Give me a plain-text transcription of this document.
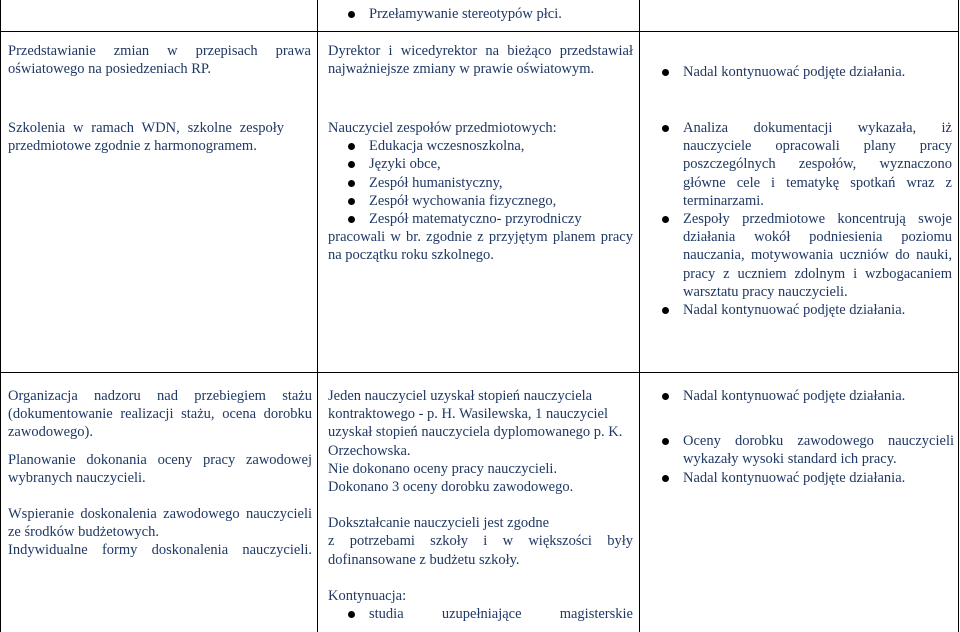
Przedstawianie zmian w przepisach prawa oświatowego na posiedzeniach RP.

Szkolenia w ramach WDN, szkolne zespoły przedmiotowe zgodnie z harmonogramem.

Organizacja nadzoru nad przebiegiem stażu (dokumentowanie realizacji stażu, ocena dorobku zawodowego).

Planowanie dokonania oceny pracy zawodowej wybranych nauczycieli.

Wspieranie doskonalenia zawodowego nauczycieli ze środków budżetowych.

Indywidualne formy doskonalenia nauczycieli.

Przełamywanie stereotypów płci.

Dyrektor i wicedyrektor na bieżąco przedstawiał najważniejsze zmiany w prawie oświatowym.

Nauczyciel zespołów przedmiotowych:

Edukacja wczesnoszkolna,
Języki obce,
Zespół humanistyczny,
Zespół wychowania fizycznego,
Zespół matematyczno- przyrodniczy

pracowali w br. zgodnie z przyjętym planem pracy na początku roku szkolnego.

Jeden nauczyciel uzyskał stopień nauczyciela kontraktowego - p. H. Wasilewska, 1 nauczyciel uzyskał stopień nauczyciela dyplomowanego p. K. Orzechowska.

Nie dokonano oceny pracy nauczycieli.

Dokonano 3 oceny dorobku zawodowego.

Dokształcanie nauczycieli jest zgodne

z potrzebami szkoły i w większości były dofinansowane z budżetu szkoły.

Kontynuacja:

studia uzupełniające magisterskie
Nadal kontynuować podjęte działania.
Analiza dokumentacji wykazała, iż nauczyciele opracowali plany pracy poszczególnych zespołów, wyznaczono główne cele i tematykę spotkań wraz z terminarzami.
Zespoły przedmiotowe koncentrują swoje działania wokół podniesienia poziomu nauczania, motywowania uczniów do nauki, pracy z uczniem zdolnym i wzbogacaniem warsztatu pracy nauczycieli.
Nadal kontynuować podjęte działania.
Nadal kontynuować podjęte działania.
Oceny dorobku zawodowego nauczycieli wykazały wysoki standard ich pracy.
Nadal kontynuować podjęte działania.
